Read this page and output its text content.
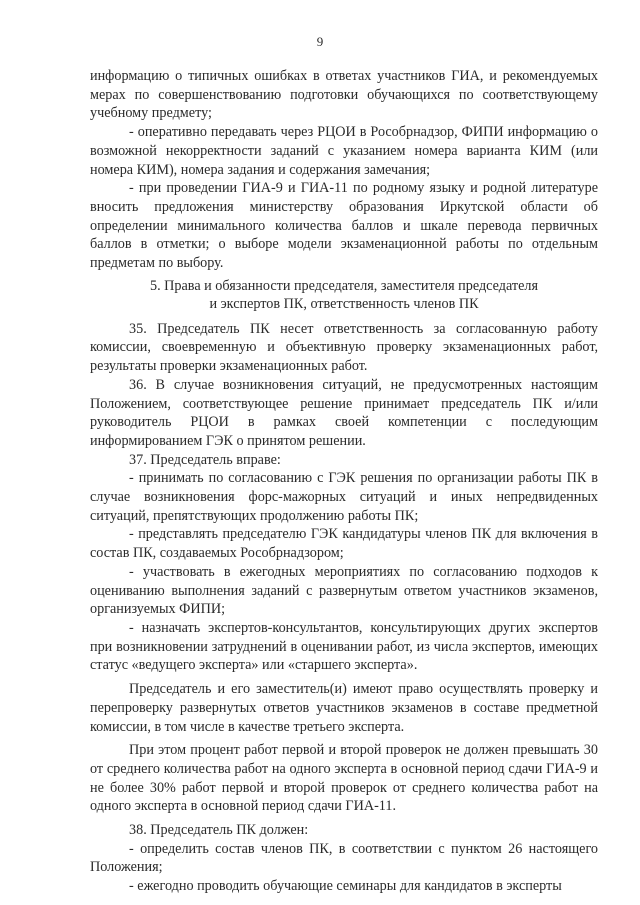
9

информацию о типичных ошибках в ответах участников ГИА, и рекомендуемых мерах по совершенствованию подготовки обучающихся по соответствующему учебному предмету;

- оперативно передавать через РЦОИ в Рособрнадзор, ФИПИ информацию о возможной некорректности заданий с указанием номера варианта КИМ (или номера КИМ), номера задания и содержания замечания;

- при проведении ГИА-9 и ГИА-11 по родному языку и родной литературе вносить предложения министерству образования Иркутской области об определении минимального количества баллов и шкале перевода первичных баллов в отметки; о выборе модели экзаменационной работы по отдельным предметам по выбору.

5. Права и обязанности председателя, заместителя председателя
и экспертов ПК, ответственность членов ПК

35. Председатель ПК несет ответственность за согласованную работу комиссии, своевременную и объективную проверку экзаменационных работ, результаты проверки экзаменационных работ.

36. В случае возникновения ситуаций, не предусмотренных настоящим Положением, соответствующее решение принимает председатель ПК и/или руководитель РЦОИ в рамках своей компетенции с последующим информированием ГЭК о принятом решении.

37. Председатель вправе:

- принимать по согласованию с ГЭК решения по организации работы ПК в случае возникновения форс-мажорных ситуаций и иных непредвиденных ситуаций, препятствующих продолжению работы ПК;

- представлять председателю ГЭК кандидатуры членов ПК для включения в состав ПК, создаваемых Рособрнадзором;

- участвовать в ежегодных мероприятиях по согласованию подходов к оцениванию выполнения заданий с развернутым ответом участников экзаменов, организуемых ФИПИ;

- назначать экспертов-консультантов, консультирующих других экспертов при возникновении затруднений в оценивании работ, из числа экспертов, имеющих статус «ведущего эксперта» или «старшего эксперта».

Председатель и его заместитель(и) имеют право осуществлять проверку и перепроверку развернутых ответов участников экзаменов в составе предметной комиссии, в том числе в качестве третьего эксперта.

При этом процент работ первой и второй проверок не должен превышать 30 от среднего количества работ на одного эксперта в основной период сдачи ГИА-9 и не более 30% работ первой и второй проверок от среднего количества работ на одного эксперта в основной период сдачи ГИА-11.

38. Председатель ПК должен:

- определить состав членов ПК, в соответствии с пунктом 26 настоящего Положения;

- ежегодно проводить обучающие семинары для кандидатов в эксперты
